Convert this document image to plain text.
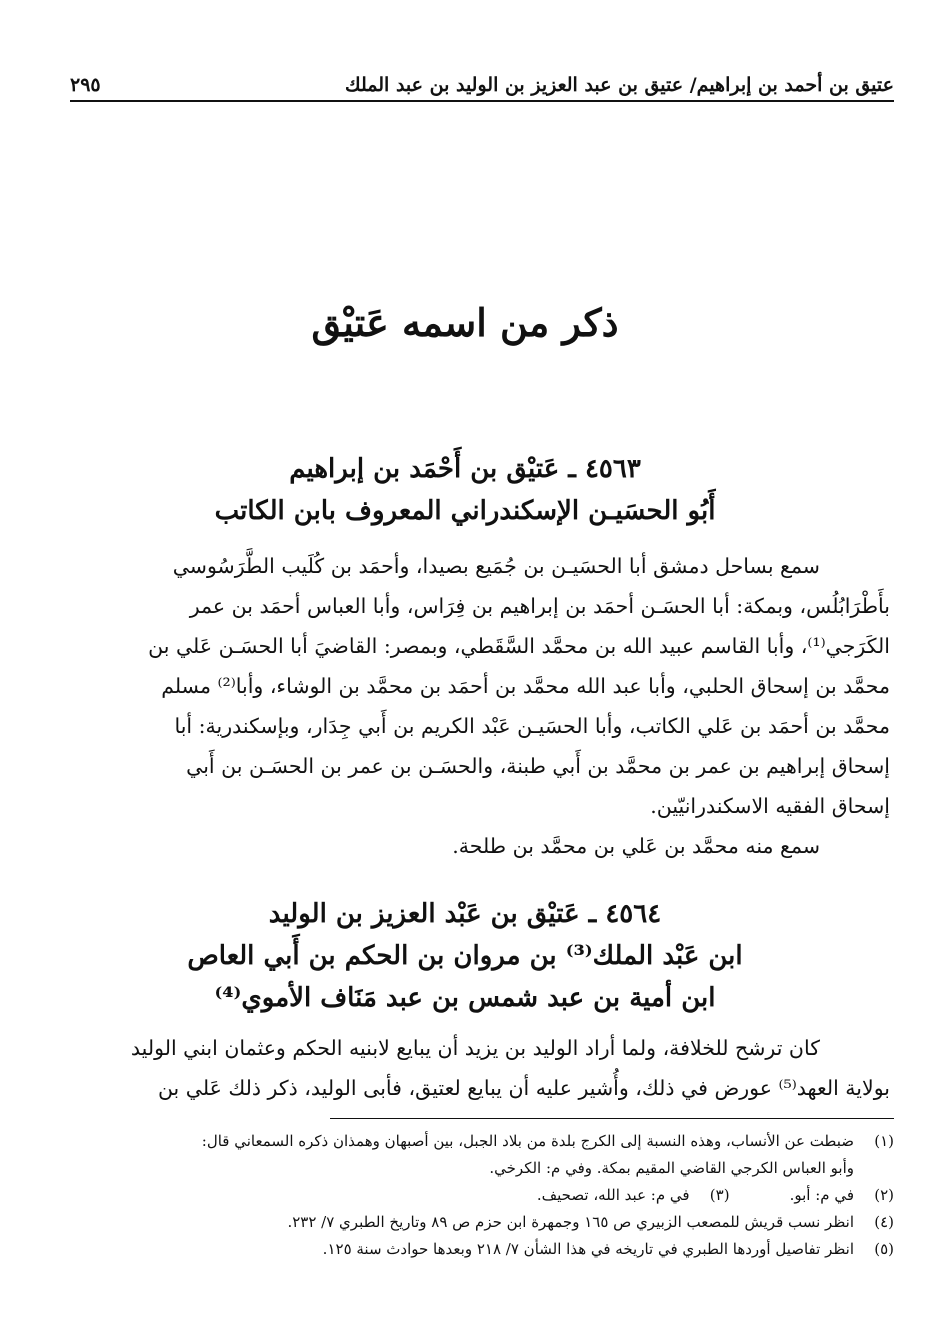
عتيق بن أحمد بن إبراهيم/ عتيق بن عبد العزيز بن الوليد بن عبد الملك
٢٩٥
ذكر من اسمه عَتيْق
٤٥٦٣ ـ عَتيْق بن أَحْمَد بن إبراهيم
أَبُو الحسَيـن الإسكندراني المعروف بابن الكاتب
سمع بساحل دمشق أبا الحسَيـن بن جُمَيع بصيدا، وأحمَد بن كُلَيب الطَّرَسُوسي
بأَطْرَابُلُس، وبمكة: أبا الحسَـن أحمَد بن إبراهيم بن فِرَاس، وأبا العباس أحمَد بن عمر
الكَرَجي⁽¹⁾، وأبا القاسم عبيد الله بن محمَّد السَّقَطي، وبمصر: القاضيَ أبا الحسَـن عَلي بن
محمَّد بن إسحاق الحلبي، وأبا عبد الله محمَّد بن أحمَد بن محمَّد بن الوشاء، وأبا⁽²⁾ مسلم
محمَّد بن أحمَد بن عَلي الكاتب، وأبا الحسَيـن عَبْد الكريم بن أَبي جِدَار، وبإسكندرية: أبا
إسحاق إبراهيم بن عمر بن محمَّد بن أَبي طبنة، والحسَـن بن عمر بن الحسَـن بن أَبي
إسحاق الفقيه الاسكندرانيّين.
سمع منه محمَّد بن عَلي بن محمَّد بن طلحة.
٤٥٦٤ ـ عَتيْق بن عَبْد العزيز بن الوليد
ابن عَبْد الملك⁽³⁾ بن مروان بن الحكم بن أَبي العاص
ابن أمية بن عبد شمس بن عبد مَنَاف الأموي⁽⁴⁾
كان ترشح للخلافة، ولما أراد الوليد بن يزيد أن يبايع لابنيه الحكم وعثمان ابني الوليد
بولاية العهد⁽⁵⁾ عورض في ذلك، وأُشير عليه أن يبايع لعتيق، فأبى الوليد، ذكر ذلك عَلي بن
(١)
ضبطت عن الأنساب، وهذه النسبة إلى الكرج بلدة من بلاد الجبل، بين أصبهان وهمذان ذكره السمعاني قال:
وأبو العباس الكرجي القاضي المقيم بمكة. وفي م: الكرخي.
(٢)
في م: أبو.
(٣)
في م: عبد الله، تصحيف.
(٤)
انظر نسب قريش للمصعب الزبيري ص ١٦٥ وجمهرة ابن حزم ص ٨٩ وتاريخ الطبري ٧/ ٢٣٢.
(٥)
انظر تفاصيل أوردها الطبري في تاريخه في هذا الشأن ٧/ ٢١٨ وبعدها حوادث سنة ١٢٥.
